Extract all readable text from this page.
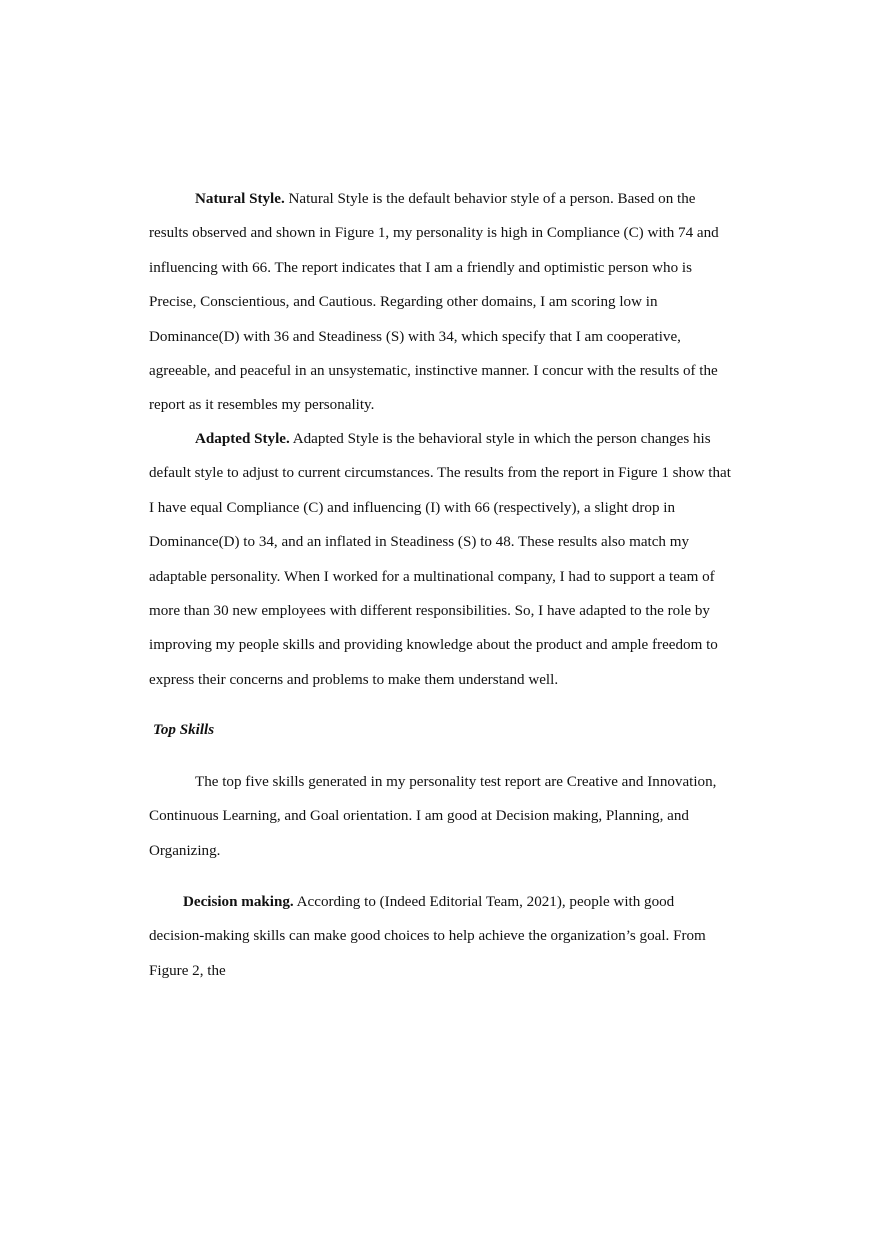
Natural Style. Natural Style is the default behavior style of a person. Based on the results observed and shown in Figure 1, my personality is high in Compliance (C) with 74 and influencing with 66. The report indicates that I am a friendly and optimistic person who is Precise, Conscientious, and Cautious. Regarding other domains, I am scoring low in Dominance(D) with 36 and Steadiness (S) with 34, which specify that I am cooperative, agreeable, and peaceful in an unsystematic, instinctive manner. I concur with the results of the report as it resembles my personality.

Adapted Style. Adapted Style is the behavioral style in which the person changes his default style to adjust to current circumstances. The results from the report in Figure 1 show that I have equal Compliance (C) and influencing (I) with 66 (respectively), a slight drop in Dominance(D) to 34, and an inflated in Steadiness (S) to 48. These results also match my adaptable personality. When I worked for a multinational company, I had to support a team of more than 30 new employees with different responsibilities. So, I have adapted to the role by improving my people skills and providing knowledge about the product and ample freedom to express their concerns and problems to make them understand well.

Top Skills

The top five skills generated in my personality test report are Creative and Innovation, Continuous Learning, and Goal orientation. I am good at Decision making, Planning, and Organizing.

Decision making. According to (Indeed Editorial Team, 2021), people with good decision-making skills can make good choices to help achieve the organization’s goal. From Figure 2, the
